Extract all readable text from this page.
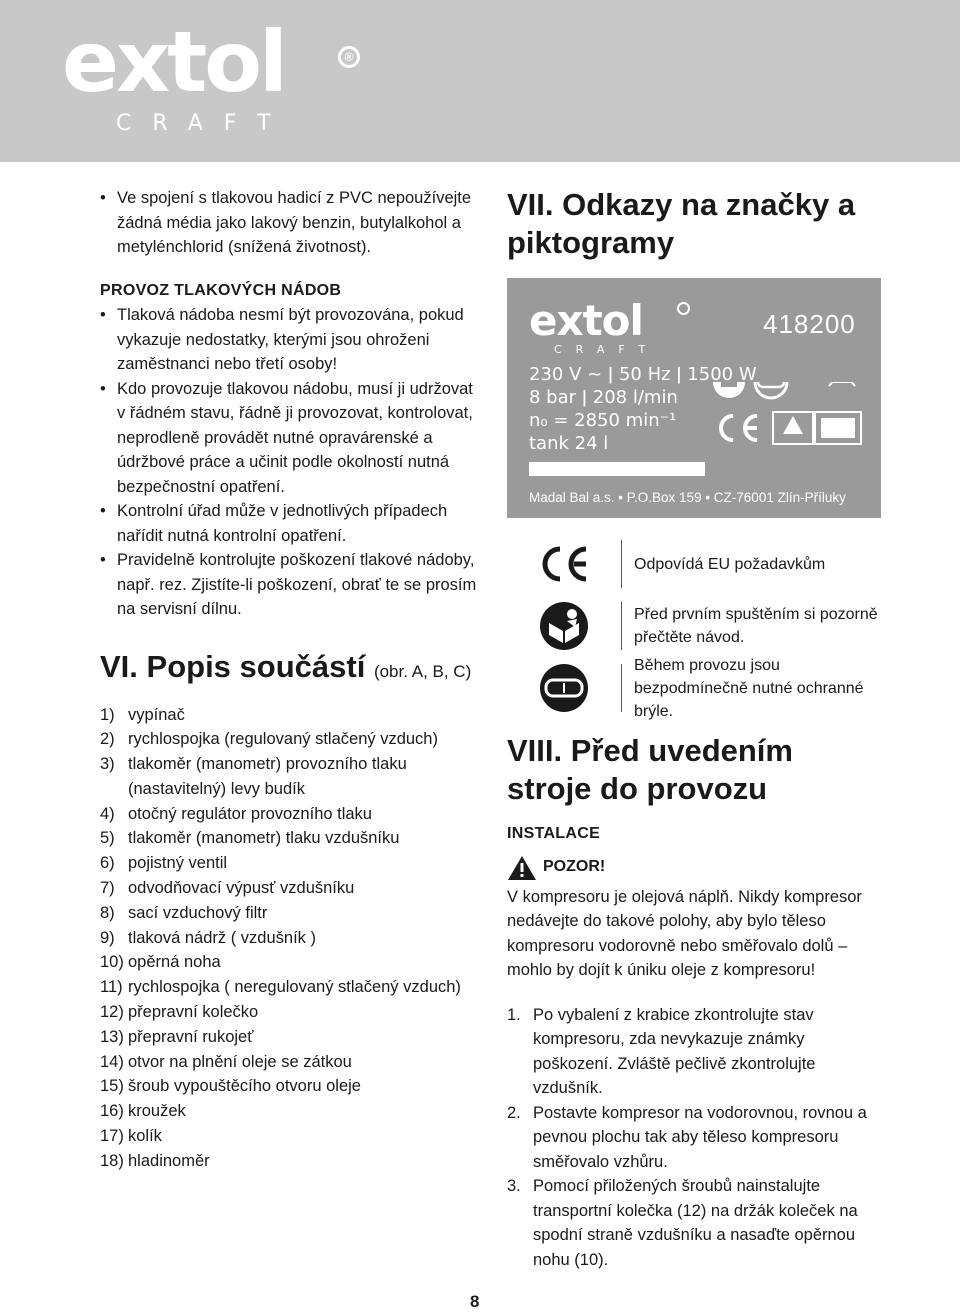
extol	®
CRAFT
• Ve spojení s tlakovou hadicí z PVC nepoužívejte žádná média jako lakový benzin, butylalkohol a metylénchlorid (snížená životnost).
PROVOZ TLAKOVÝCH NÁDOB
• Tlaková nádoba nesmí být provozována, pokud vykazuje nedostatky, kterými jsou ohroženi zaměstnanci nebo třetí osoby!
• Kdo provozuje tlakovou nádobu, musí ji udržovat v řádném stavu, řádně ji provozovat, kontrolovat, neprodleně provádět nutné opravárenské a údržbové práce a učinit podle okolností nutná bezpečnostní opatření.
• Kontrolní úřad může v jednotlivých případech nařídit nutná kontrolní opatření.
• Pravidelně kontrolujte poškození tlakové nádoby, např. rez. Zjistíte-li poškození, obrať te se prosím na servisní dílnu.
VI. Popis součástí (obr. A, B, C)
1) vypínač
2) rychlospojka (regulovaný stlačený vzduch)
3) tlakoměr (manometr) provozního tlaku (nastavitelný) levy budík
4) otočný regulátor provozního tlaku
5) tlakoměr (manometr) tlaku vzdušníku
6) pojistný ventil
7) odvodňovací výpusť vzdušníku
8) sací vzduchový filtr
9) tlaková nádrž ( vzdušník )
10) opěrná noha
11) rychlospojka ( neregulovaný stlačený vzduch)
12) přepravní kolečko
13) přepravní rukojeť
14) otvor na plnění oleje se zátkou
15) šroub vypouštěcího otvoru oleje
16) kroužek
17) kolík
18) hladinoměr
VII. Odkazy na značky a piktogramy
extol
CRAFT
418200
230 V ~ ǀ 50 Hz ǀ 1500 W
8 bar ǀ 208 l/min
n₀ = 2850 min⁻¹
tank 24 l
Madal Bal a.s. • P.O.Box 159 • CZ-76001 Zlín-Příluky
Odpovídá EU požadavkům
Před prvním spuštěním si pozorně přečtěte návod.
Během provozu jsou bezpodmínečně nutné ochranné brýle.
VIII. Před uvedením stroje do provozu
INSTALACE
POZOR!
V kompresoru je olejová náplň. Nikdy kompresor nedávejte do takové polohy, aby bylo těleso kompresoru vodorovně nebo směřovalo dolů – mohlo by dojít k úniku oleje z kompresoru!
1. Po vybalení z krabice zkontrolujte stav kompresoru, zda nevykazuje známky poškození. Zvláště pečlivě zkontrolujte vzdušník.
2. Postavte kompresor na vodorovnou, rovnou a pevnou plochu tak aby těleso kompresoru směřovalo vzhůru.
3. Pomocí přiložených šroubů nainstalujte transportní kolečka (12) na držák koleček na spodní straně vzdušníku a nasaďte opěrnou nohu (10).
8
